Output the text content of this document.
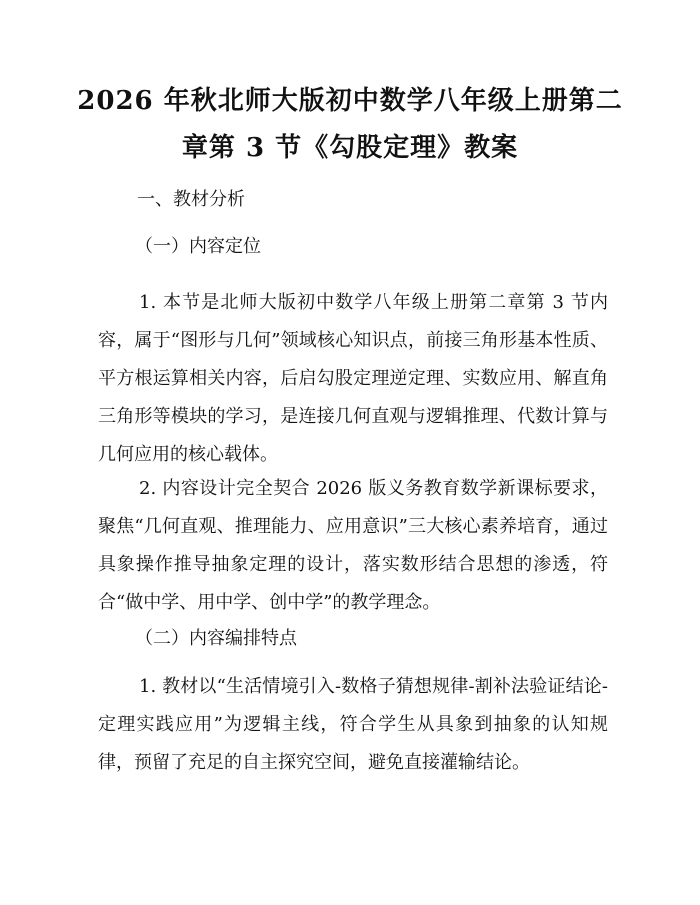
2026 年秋北师大版初中数学八年级上册第二
章第 3 节《勾股定理》教案
一、教材分析
（一）内容定位
1. 本节是北师大版初中数学八年级上册第二章第 3 节内容，属于“图形与几何”领域核心知识点，前接三角形基本性质、平方根运算相关内容，后启勾股定理逆定理、实数应用、解直角三角形等模块的学习，是连接几何直观与逻辑推理、代数计算与几何应用的核心载体。
2. 内容设计完全契合 2026 版义务教育数学新课标要求，聚焦“几何直观、推理能力、应用意识”三大核心素养培育，通过具象操作推导抽象定理的设计，落实数形结合思想的渗透，符合“做中学、用中学、创中学”的教学理念。
（二）内容编排特点
1. 教材以“生活情境引入-数格子猜想规律-割补法验证结论-定理实践应用”为逻辑主线，符合学生从具象到抽象的认知规律，预留了充足的自主探究空间，避免直接灌输结论。
